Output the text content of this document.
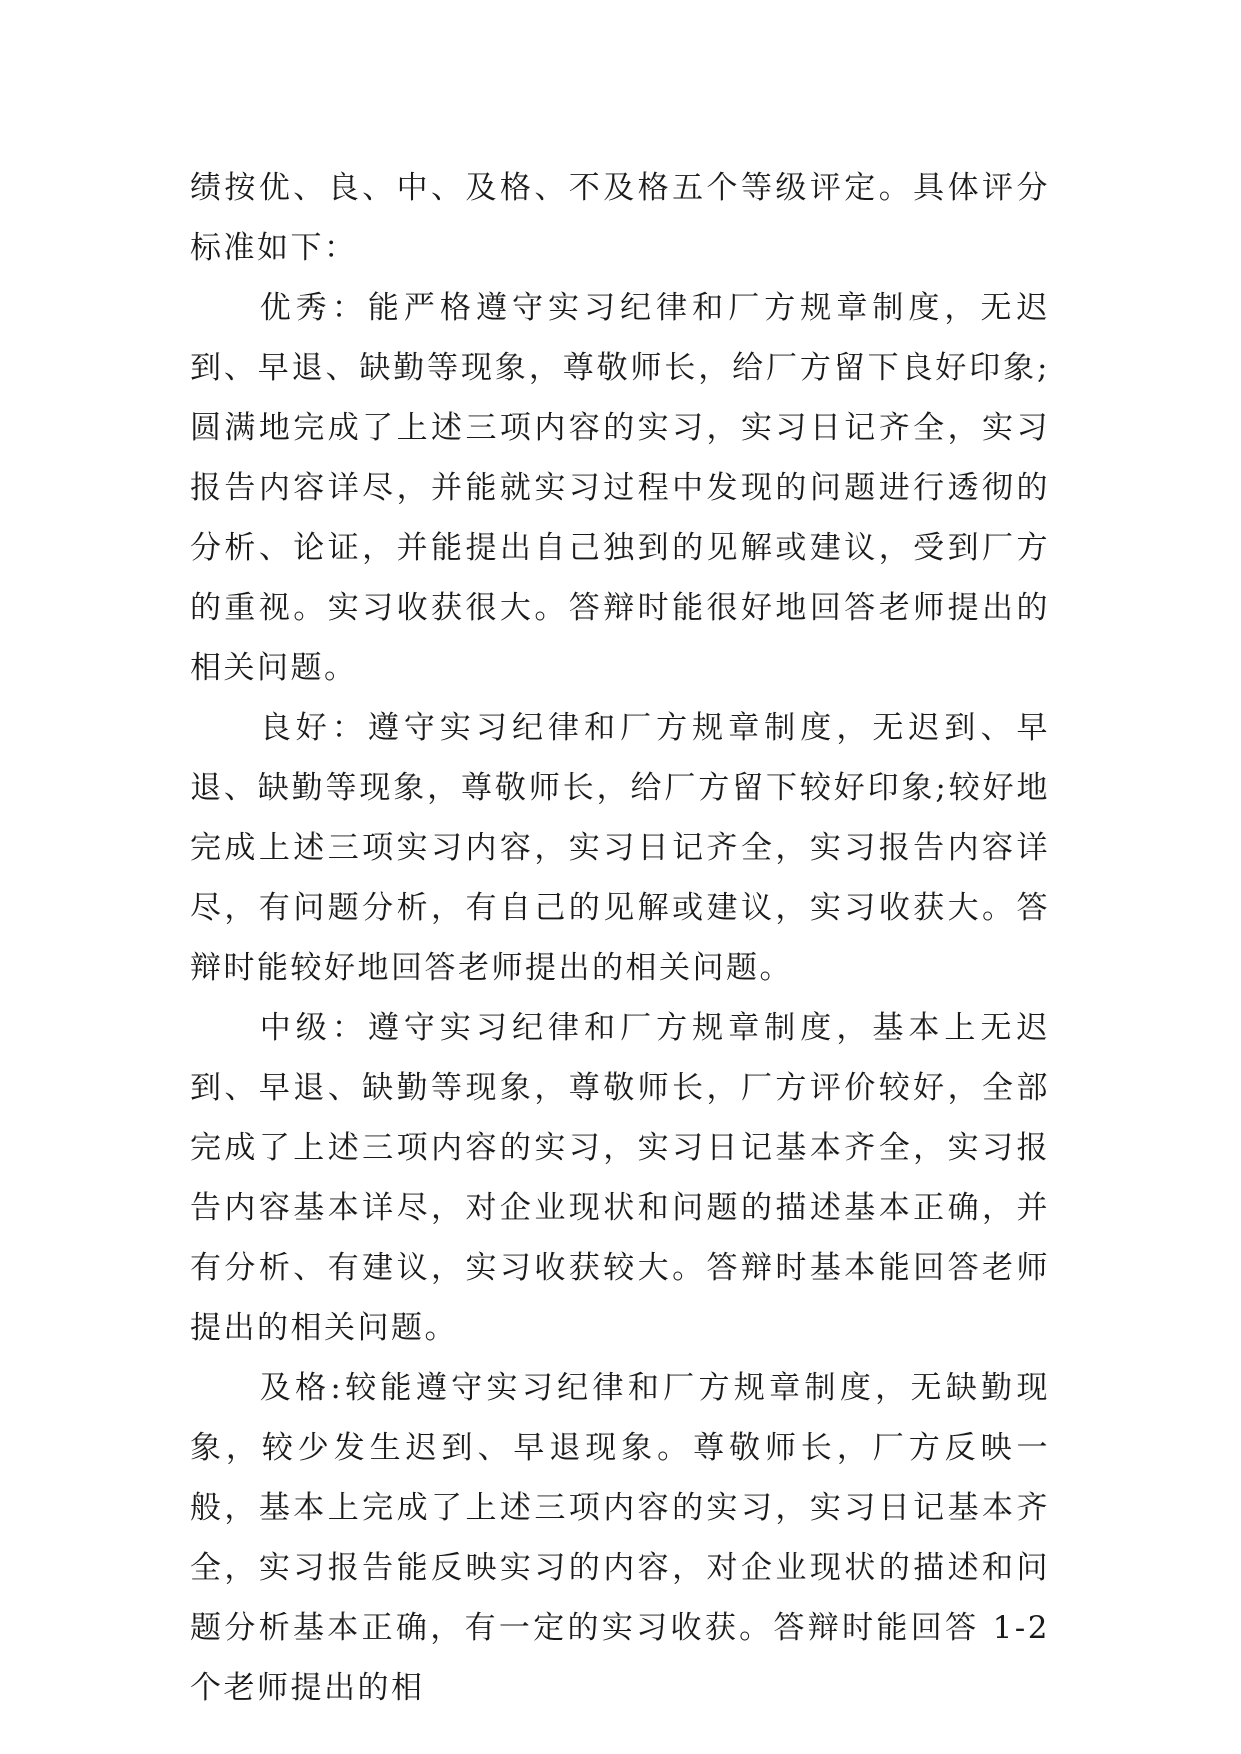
绩按优、良、中、及格、不及格五个等级评定。具体评分标准如下：

优秀：能严格遵守实习纪律和厂方规章制度，无迟到、早退、缺勤等现象，尊敬师长，给厂方留下良好印象;圆满地完成了上述三项内容的实习，实习日记齐全，实习报告内容详尽，并能就实习过程中发现的问题进行透彻的分析、论证，并能提出自己独到的见解或建议，受到厂方的重视。实习收获很大。答辩时能很好地回答老师提出的相关问题。

良好：遵守实习纪律和厂方规章制度，无迟到、早退、缺勤等现象，尊敬师长，给厂方留下较好印象;较好地完成上述三项实习内容，实习日记齐全，实习报告内容详尽，有问题分析，有自己的见解或建议，实习收获大。答辩时能较好地回答老师提出的相关问题。

中级：遵守实习纪律和厂方规章制度，基本上无迟到、早退、缺勤等现象，尊敬师长，厂方评价较好，全部完成了上述三项内容的实习，实习日记基本齐全，实习报告内容基本详尽，对企业现状和问题的描述基本正确，并有分析、有建议，实习收获较大。答辩时基本能回答老师提出的相关问题。

及格:较能遵守实习纪律和厂方规章制度，无缺勤现象，较少发生迟到、早退现象。尊敬师长，厂方反映一般，基本上完成了上述三项内容的实习，实习日记基本齐全，实习报告能反映实习的内容，对企业现状的描述和问题分析基本正确，有一定的实习收获。答辩时能回答 1-2 个老师提出的相
